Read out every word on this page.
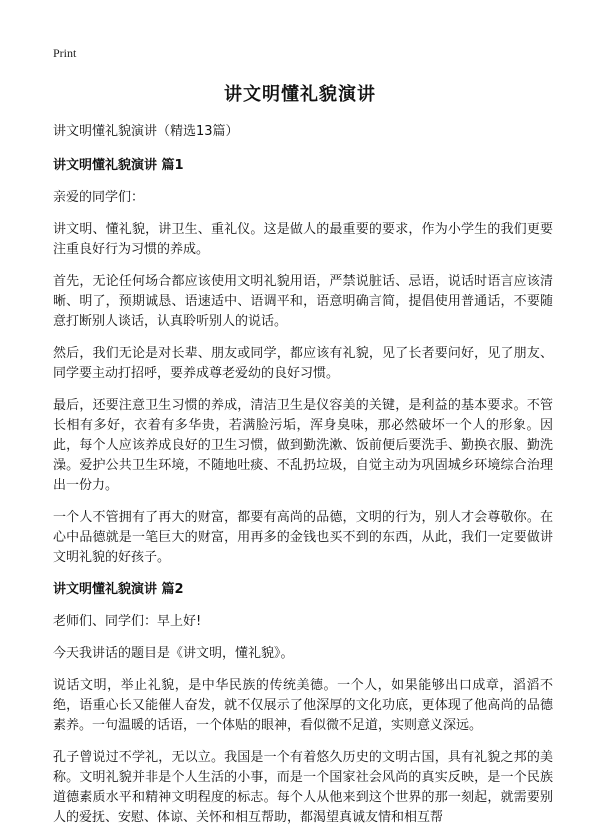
Print
讲文明懂礼貌演讲

讲文明懂礼貌演讲（精选13篇）

讲文明懂礼貌演讲 篇1

亲爱的同学们：

讲文明、懂礼貌，讲卫生、重礼仪。这是做人的最重要的要求，作为小学生的我们更要注重良好行为习惯的养成。

首先，无论任何场合都应该使用文明礼貌用语，严禁说脏话、忌语，说话时语言应该清晰、明了，预期诚恳、语速适中、语调平和，语意明确言简，提倡使用普通话，不要随意打断别人谈话，认真聆听别人的说话。

然后，我们无论是对长辈、朋友或同学，都应该有礼貌，见了长者要问好，见了朋友、同学要主动打招呼，要养成尊老爱幼的良好习惯。

最后，还要注意卫生习惯的养成，清洁卫生是仪容美的关键，是利益的基本要求。不管长相有多好，衣着有多华贵，若满脸污垢，浑身臭味，那必然破坏一个人的形象。因此，每个人应该养成良好的卫生习惯，做到勤洗漱、饭前便后要洗手、勤换衣服、勤洗澡。爱护公共卫生环境，不随地吐痰、不乱扔垃圾，自觉主动为巩固城乡环境综合治理出一份力。

一个人不管拥有了再大的财富，都要有高尚的品德，文明的行为，别人才会尊敬你。在心中品德就是一笔巨大的财富，用再多的金钱也买不到的东西，从此，我们一定要做讲文明礼貌的好孩子。

讲文明懂礼貌演讲 篇2

老师们、同学们：早上好!

今天我讲话的题目是《讲文明，懂礼貌》。

说话文明，举止礼貌，是中华民族的传统美德。一个人，如果能够出口成章，滔滔不绝，语重心长又能催人奋发，就不仅展示了他深厚的文化功底，更体现了他高尚的品德素养。一句温暖的话语，一个体贴的眼神，看似微不足道，实则意义深远。

孔子曾说过不学礼，无以立。我国是一个有着悠久历史的文明古国，具有礼貌之邦的美称。文明礼貌并非是个人生活的小事，而是一个国家社会风尚的真实反映，是一个民族道德素质水平和精神文明程度的标志。每个人从他来到这个世界的那一刻起，就需要别人的爱抚、安慰、体谅、关怀和相互帮助，都渴望真诚友情和相互帮
